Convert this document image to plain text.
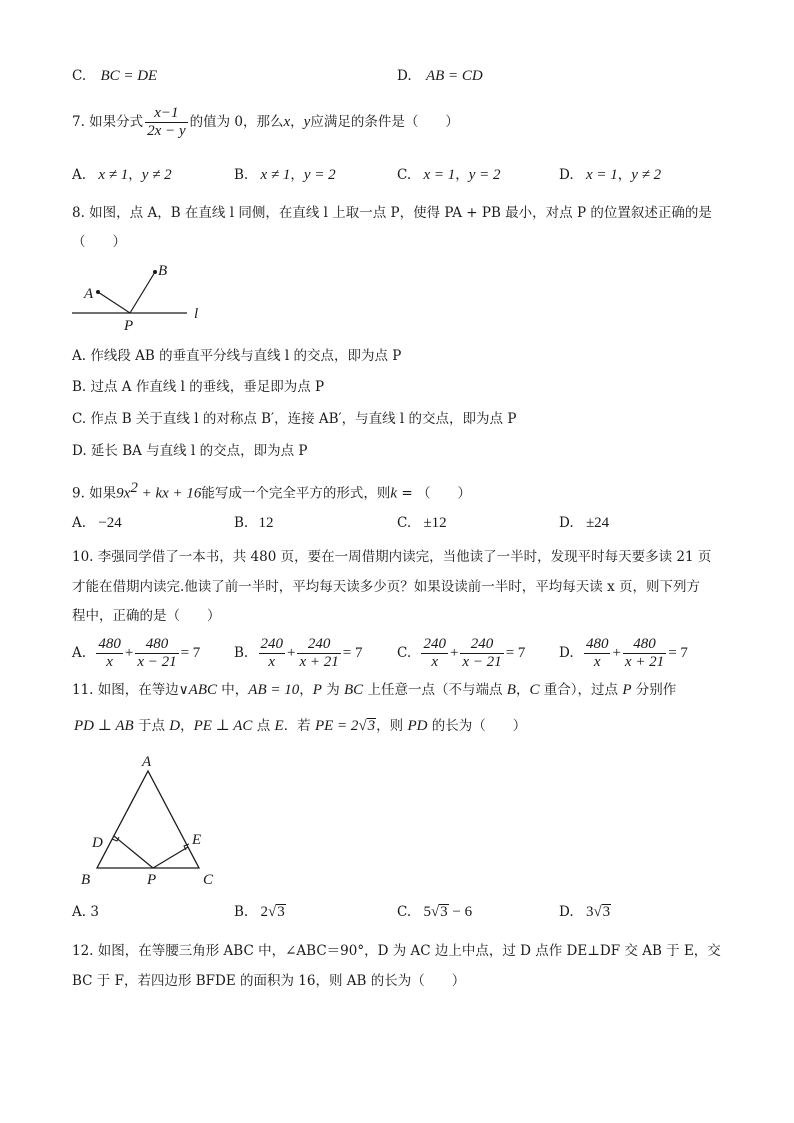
C. BC = DE	D. AB = CD
7. 如果分式 $\frac{x-1}{2x - y}$ 的值为 0，那么x，y应满足的条件是（　　）
A. x ≠ 1，y ≠ 2	B. x ≠ 1，y = 2	C. x = 1，y = 2	D. x = 1，y ≠ 2
8. 如图，点 A，B 在直线 l 同侧，在直线 l 上取一点 P，使得 PA + PB 最小，对点 P 的位置叙述正确的是
（　　）
A
B
P
l
A. 作线段 AB 的垂直平分线与直线 l 的交点，即为点 P
B. 过点 A 作直线 l 的垂线，垂足即为点 P
C. 作点 B 关于直线 l 的对称点 B′，连接 AB′，与直线 l 的交点，即为点 P
D. 延长 BA 与直线 l 的交点，即为点 P
9. 如果$9x^2$ + kx + 16能写成一个完全平方的形式，则k = （　　）
A. −24	B. 12	C. ±12	D. ±24
10. 李强同学借了一本书，共 480 页，要在一周借期内读完，当他读了一半时，发现平时每天要多读 21 页
才能在借期内读完.他读了前一半时，平均每天读多少页？如果设读前一半时，平均每天读 x 页，则下列方
程中，正确的是（　　）
A. $\frac{480}{x} + \frac{480}{x - 21} = 7$ B. $\frac{240}{x} + \frac{240}{x + 21} = 7$	C. $\frac{240}{x} + \frac{240}{x - 21} = 7$ D. $\frac{480}{x} + \frac{480}{x + 21} = 7$
11. 如图，在等边∨ABC 中，AB = 10，P 为 BC 上任意一点（不与端点 B，C 重合），过点 P 分别作
PD ⊥ AB 于点 D，PE ⊥ AC 点 E．若 PE = 2√3，则 PD 的长为（　　）
A
B	C
D	E
P
A. 3	B. 2√3	C. 5√3 − 6	D. 3√3
12. 如图，在等腰三角形 ABC 中，∠ABC＝90°，D 为 AC 边上中点，过 D 点作 DE⊥DF 交 AB 于 E，交
BC 于 F，若四边形 BFDE 的面积为 16，则 AB 的长为（　　）
